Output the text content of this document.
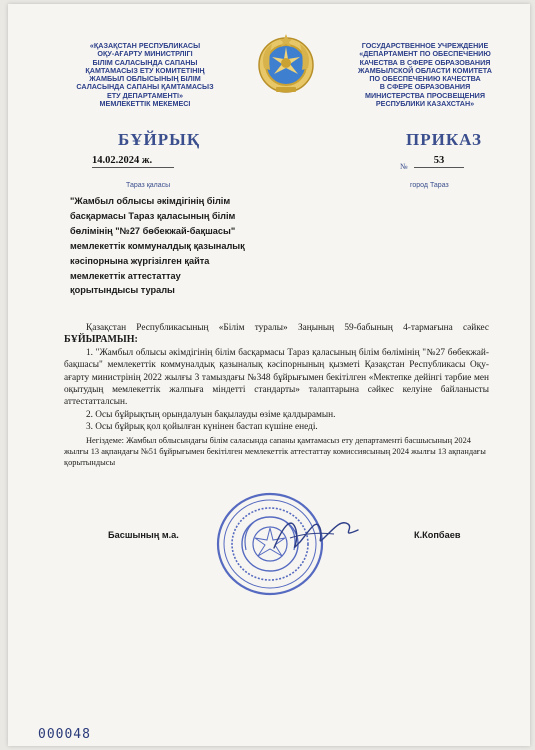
«ҚАЗАҚСТАН РЕСПУБЛИКАСЫ
ОҚУ-АҒАРТУ МИНИСТРЛІГІ
БІЛІМ САЛАСЫНДА САПАНЫ
ҚАМТАМАСЫЗ ЕТУ КОМИТЕТІНІҢ
ЖАМБЫЛ ОБЛЫСЫНЫҢ БІЛІМ
САЛАСЫНДА САПАНЫ ҚАМТАМАСЫЗ
ЕТУ ДЕПАРТАМЕНТІ»
МЕМЛЕКЕТТІК МЕКЕМЕСІ
ГОСУДАРСТВЕННОЕ УЧРЕЖДЕНИЕ
«ДЕПАРТАМЕНТ ПО ОБЕСПЕЧЕНИЮ
КАЧЕСТВА В СФЕРЕ ОБРАЗОВАНИЯ
ЖАМБЫЛСКОЙ ОБЛАСТИ КОМИТЕТА
ПО ОБЕСПЕЧЕНИЮ КАЧЕСТВА
В СФЕРЕ ОБРАЗОВАНИЯ
МИНИСТЕРСТВА ПРОСВЕЩЕНИЯ
РЕСПУБЛИКИ КАЗАХСТАН»
БҰЙРЫҚ	ПРИКАЗ
14.02.2024 ж.
№
53
Тараз қаласы	город Тараз
"Жамбыл облысы әкімдігінің білім
басқармасы Тараз қаласының білім
бөлімінің "№27 бөбекжай-бақшасы"
мемлекеттік коммуналдық қазыналық
кәсіпорнына жүргізілген қайта
мемлекеттік аттестаттау
қорытындысы туралы

Қазақстан Республикасының «Білім туралы» Заңының 59-бабының 4-тармағына сәйкес БҰЙЫРАМЫН:

1. "Жамбыл облысы әкімдігінің білім басқармасы Тараз қаласының білім бөлімінің "№27 бөбекжай-бақшасы" мемлекеттік коммуналдық қазыналық кәсіпорнының қызметі Қазақстан Республикасы Оқу-ағарту министрінің 2022 жылғы 3 тамыздағы №348 бұйрығымен бекітілген «Мектепке дейінгі тәрбие мен оқытудың мемлекеттік жалпыға міндетті стандарты» талаптарына сәйкес келуіне байланысты аттестатталсын.

2. Осы бұйрықтың орындалуын бақылауды өзіме қалдырамын.

3. Осы бұйрық қол қойылған күнінен бастап күшіне енеді.

Негіздеме: Жамбыл облысындағы білім саласында сапаны қамтамасыз ету департаменті басшысының 2024 жылғы 13 ақпандағы №51 бұйрығымен бекітілген мемлекеттік аттестаттау комиссиясының 2024 жылғы 13 ақпандағы қорытындысы

Басшының м.а.	К.Копбаев
000048
